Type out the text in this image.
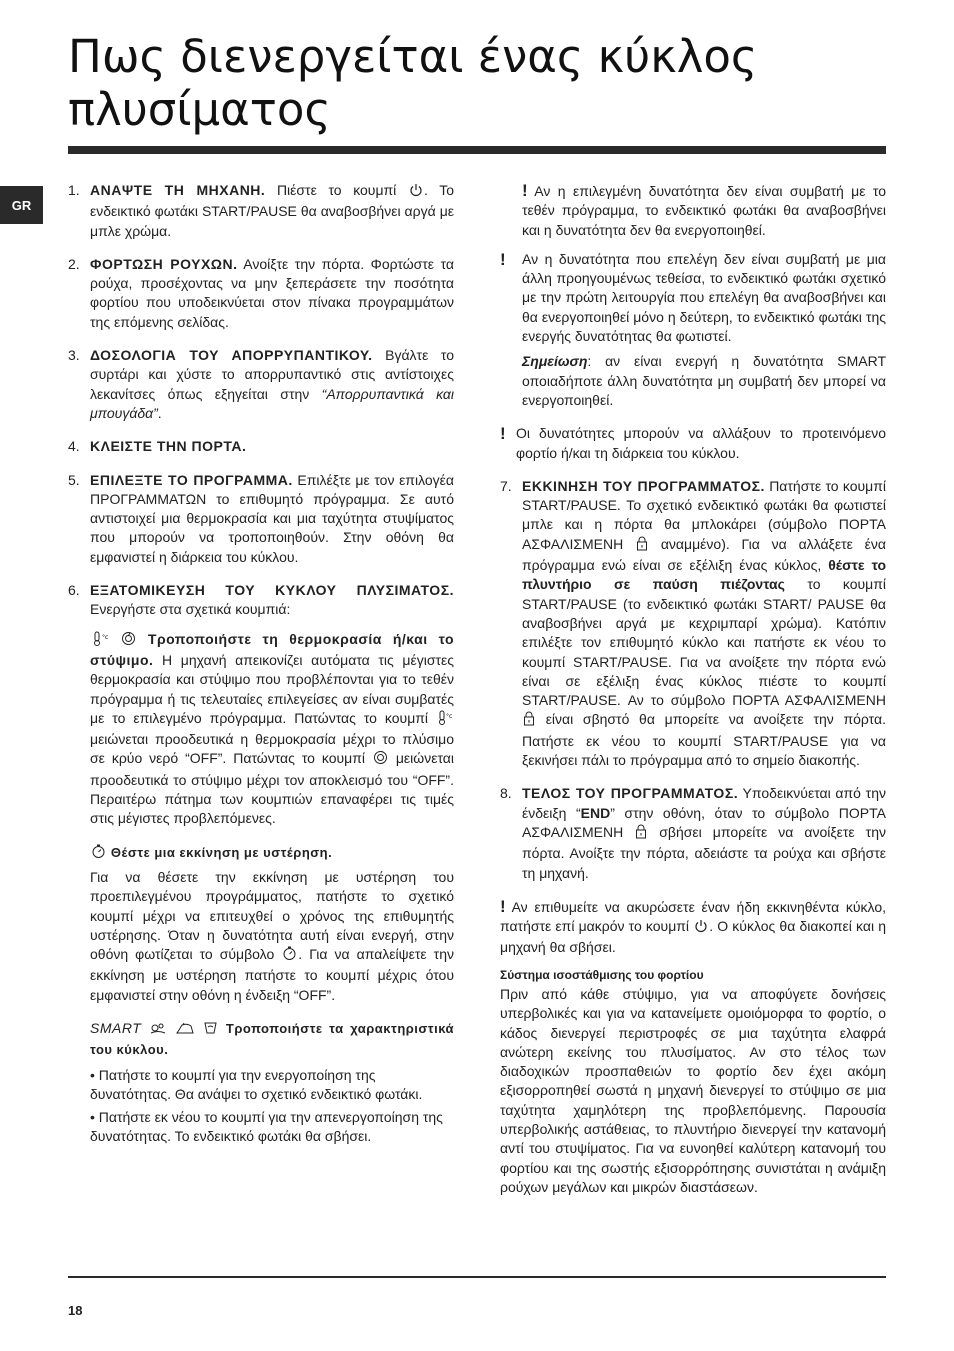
Πως διενεργείται ένας κύκλος πλυσίματος
GR
1. ΑΝΑΨΤΕ ΤΗ ΜΗΧΑΝΗ. Πιέστε το κουμπί . Το ενδεικτικό φωτάκι START/PAUSE θα αναβοσβήνει αργά με μπλε χρώμα.

2. ΦΟΡΤΩΣΗ ΡΟΥΧΩΝ. Ανοίξτε την πόρτα. Φορτώστε τα ρούχα, προσέχοντας να μην ξεπεράσετε την ποσότητα φορτίου που υποδεικνύεται στον πίνακα προγραμμάτων της επόμενης σελίδας.

3. ΔΟΣΟΛΟΓΙΑ ΤΟΥ ΑΠΟΡΡΥΠΑΝΤΙΚΟΥ. Βγάλτε το συρτάρι και χύστε το απορρυπαντικό στις αντίστοιχες λεκανίτσες όπως εξηγείται στην “Απορρυπαντικά και μπουγάδα”.

4. ΚΛΕΙΣΤΕ ΤΗΝ ΠΟΡΤΑ.

5. ΕΠΙΛΕΞΤΕ ΤΟ ΠΡΟΓΡΑΜΜΑ. Επιλέξτε με τον επιλογέα ΠΡΟΓΡΑΜΜΑΤΩΝ το επιθυμητό πρόγραμμα. Σε αυτό αντιστοιχεί μια θερμοκρασία και μια ταχύτητα στυψίματος που μπορούν να τροποποιηθούν. Στην οθόνη θα εμφανιστεί η διάρκεια του κύκλου.

6. ΕΞΑΤΟΜΙΚΕΥΣΗ ΤΟΥ ΚΥΚΛΟΥ ΠΛΥΣΙΜΑΤΟΣ. Ενεργήστε στα σχετικά κουμπιά:

°c	Τροποποιήστε τη θερμοκρασία ή/και το στύψιμο. Η μηχανή απεικονίζει αυτόματα τις μέγιστες θερμοκρασία και στύψιμο που προβλέπονται για το τεθέν πρόγραμμα ή τις τελευταίες επιλεγείσες αν είναι συμβατές με το επιλεγμένο πρόγραμμα. Πατώντας το κουμπί °c
μειώνεται προοδευτικά η θερμοκρασία μέχρι το πλύσιμο σε κρύο νερό “OFF”. Πατώντας το κουμπί  μειώνεται προοδευτικά το στύψιμο μέχρι τον αποκλεισμό του “OFF”. Περαιτέρω πάτημα των κουμπιών επαναφέρει τις τιμές στις μέγιστες προβλεπόμενες.

Θέστε μια εκκίνηση με υστέρηση.

Για να θέσετε την εκκίνηση με υστέρηση του προεπιλεγμένου προγράμματος, πατήστε το σχετικό κουμπί μέχρι να επιτευχθεί ο χρόνος της επιθυμητής υστέρησης. Όταν η δυνατότητα αυτή είναι ενεργή, στην οθόνη φωτίζεται το σύμβολο . Για να απαλείψετε την εκκίνηση με υστέρηση πατήστε το κουμπί μέχρις ότου εμφανιστεί στην οθόνη η ένδειξη “OFF”.

SMART	Τροποποιήστε τα χαρακτηριστικά του κύκλου.

• Πατήστε το κουμπί για την ενεργοποίηση της δυνατότητας. Θα ανάψει το σχετικό ενδεικτικό φωτάκι.

• Πατήστε εκ νέου το κουμπί για την απενεργοποίηση της δυνατότητας. Το ενδεικτικό φωτάκι θα σβήσει.

! Αν η επιλεγμένη δυνατότητα δεν είναι συμβατή με το τεθέν πρόγραμμα, το ενδεικτικό φωτάκι θα αναβοσβήνει και η δυνατότητα δεν θα ενεργοποιηθεί.

!	Αν η δυνατότητα που επελέγη δεν είναι συμβατή με μια άλλη προηγουμένως τεθείσα, το ενδεικτικό φωτάκι σχετικό με την πρώτη λειτουργία που επελέγη θα αναβοσβήνει και θα ενεργοποιηθεί μόνο η δεύτερη, το ενδεικτικό φωτάκι της ενεργής δυνατότητας θα φωτιστεί.

Σημείωση: αν είναι ενεργή η δυνατότητα SMART οποιαδήποτε άλλη δυνατότητα μη συμβατή δεν μπορεί να ενεργοποιηθεί.

! Οι δυνατότητες μπορούν να αλλάξουν το προτεινόμενο φορτίο ή/και τη διάρκεια του κύκλου.

7. ΕΚΚΙΝΗΣΗ ΤΟΥ ΠΡΟΓΡΑΜΜΑΤΟΣ. Πατήστε το κουμπί START/PAUSE. Το σχετικό ενδεικτικό φωτάκι θα φωτιστεί μπλε και η πόρτα θα μπλοκάρει (σύμβολο ΠΟΡΤΑ ΑΣΦΑΛΙΣΜΕΝΗ  αναμμένο). Για να αλλάξετε ένα πρόγραμμα ενώ είναι σε εξέλιξη ένας κύκλος, θέστε το πλυντήριο σε παύση πιέζοντας το κουμπί START/PAUSE (το ενδεικτικό φωτάκι START/ PAUSE θα αναβοσβήνει αργά με κεχριμπαρί χρώμα). Κατόπιν επιλέξτε τον επιθυμητό κύκλο και πατήστε εκ νέου το κουμπί START/PAUSE. Για να ανοίξετε την πόρτα ενώ είναι σε εξέλιξη ένας κύκλος πιέστε το κουμπί START/PAUSE. Αν το σύμβολο ΠΟΡΤΑ ΑΣΦΑΛΙΣΜΕΝΗ  είναι σβηστό θα μπορείτε να ανοίξετε την πόρτα. Πατήστε εκ νέου το κουμπί START/PAUSE για να ξεκινήσει πάλι το πρόγραμμα από το σημείο διακοπής.

8. ΤΕΛΟΣ ΤΟΥ ΠΡΟΓΡΑΜΜΑΤΟΣ. Υποδεικνύεται από την ένδειξη “END” στην οθόνη, όταν το σύμβολο ΠΟΡΤΑ ΑΣΦΑΛΙΣΜΕΝΗ  σβήσει μπορείτε να ανοίξετε την πόρτα. Ανοίξτε την πόρτα, αδειάστε τα ρούχα και σβήστε τη μηχανή.

! Αν επιθυμείτε να ακυρώσετε έναν ήδη εκκινηθέντα κύκλο, πατήστε επί μακρόν το κουμπί . Ο κύκλος θα διακοπεί και η μηχανή θα σβήσει.

Σύστημα ισοστάθμισης του φορτίου

Πριν από κάθε στύψιμο, για να αποφύγετε δονήσεις υπερβολικές και για να κατανείμετε ομοιόμορφα το φορτίο, ο κάδος διενεργεί περιστροφές σε μια ταχύτητα ελαφρά ανώτερη εκείνης του πλυσίματος. Αν στο τέλος των διαδοχικών προσπαθειών το φορτίο δεν έχει ακόμη εξισορροπηθεί σωστά η μηχανή διενεργεί το στύψιμο σε μια ταχύτητα χαμηλότερη της προβλεπόμενης. Παρουσία υπερβολικής αστάθειας, το πλυντήριο διενεργεί την κατανομή αντί του στυψίματος. Για να ευνοηθεί καλύτερη κατανομή του φορτίου και της σωστής εξισορρόπησης συνιστάται η ανάμιξη ρούχων μεγάλων και μικρών διαστάσεων.

18
